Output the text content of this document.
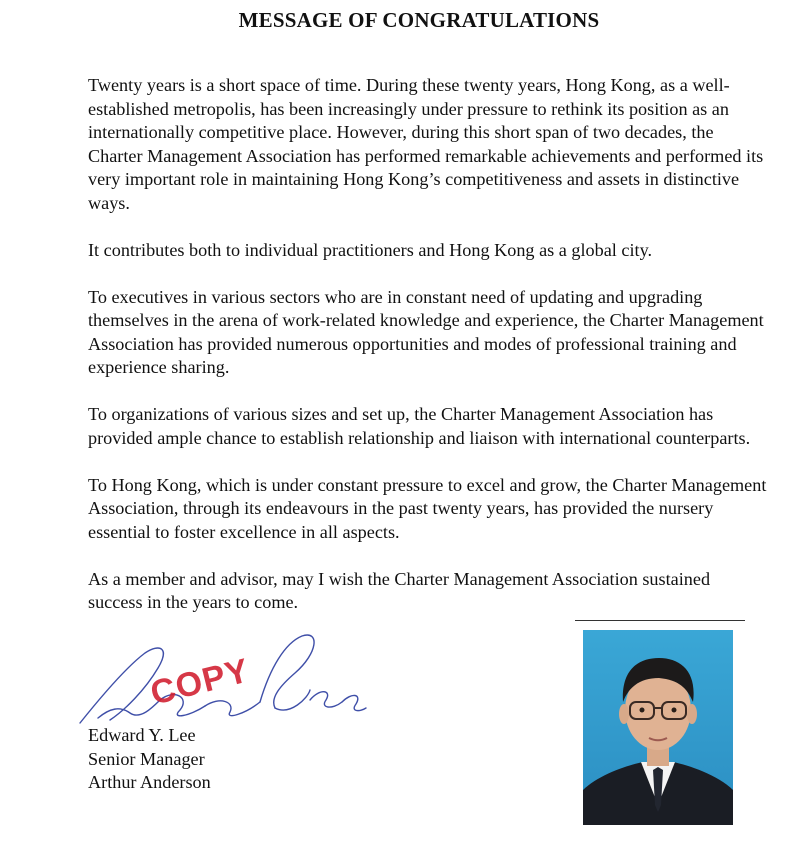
MESSAGE OF CONGRATULATIONS

Twenty years is a short space of time. During these twenty years, Hong Kong, as a well-established metropolis, has been increasingly under pressure to rethink its position as an internationally competitive place. However, during this short span of two decades, the Charter Management Association has performed remarkable achievements and performed its very important role in maintaining Hong Kong’s competitiveness and assets in distinctive ways.

It contributes both to individual practitioners and Hong Kong as a global city.

To executives in various sectors who are in constant need of updating and upgrading themselves in the arena of work-related knowledge and experience, the Charter Management Association has provided numerous opportunities and modes of professional training and experience sharing.

To organizations of various sizes and set up, the Charter Management Association has provided ample chance to establish relationship and liaison with international counterparts.

To Hong Kong, which is under constant pressure to excel and grow, the Charter Management Association, through its endeavours in the past twenty years, has provided the nursery essential to foster excellence in all aspects.

As a member and advisor, may I wish the Charter Management Association sustained success in the years to come.

COPY
Edward Y. Lee
Senior Manager
Arthur Anderson
